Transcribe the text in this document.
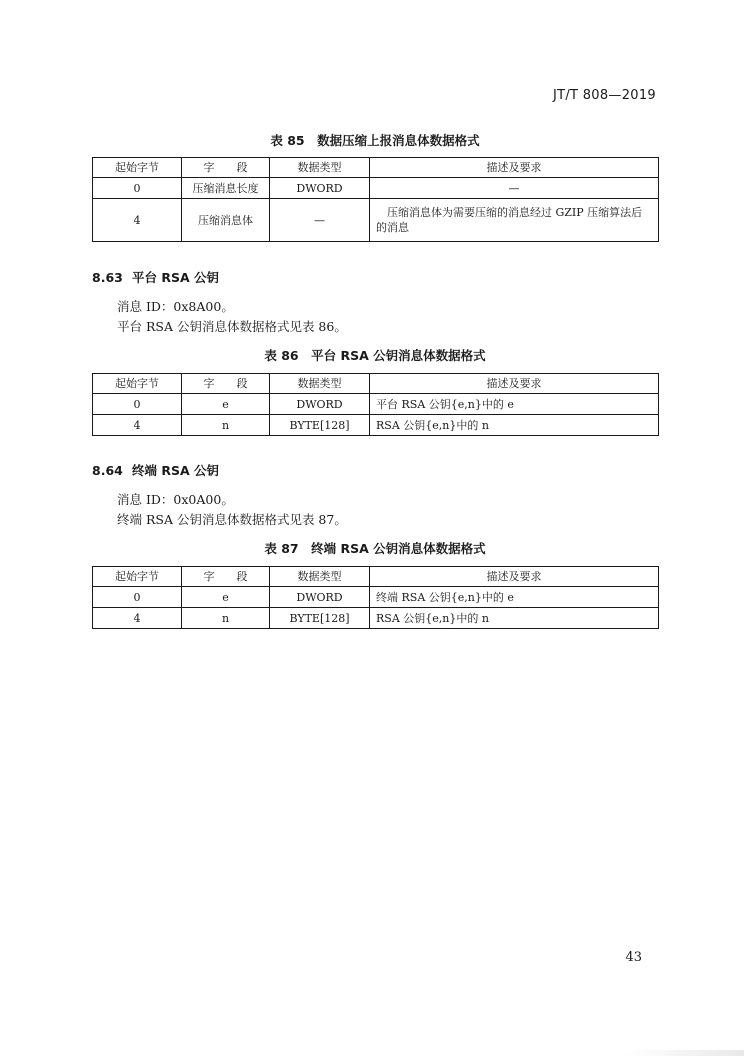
JT/T 808—2019
表 85　数据压缩上报消息体数据格式
起始字节	字　　段	数据类型	描述及要求
0	压缩消息长度	DWORD	—
4	压缩消息体	—	压缩消息体为需要压缩的消息经过 GZIP 压缩算法后的消息
8.63 平台 RSA 公钥
消息 ID：0x8A00。
平台 RSA 公钥消息体数据格式见表 86。
表 86　平台 RSA 公钥消息体数据格式
起始字节	字　　段	数据类型	描述及要求
0	e	DWORD	平台 RSA 公钥{e,n}中的 e
4	n	BYTE[128]	RSA 公钥{e,n}中的 n
8.64 终端 RSA 公钥
消息 ID：0x0A00。
终端 RSA 公钥消息体数据格式见表 87。
表 87　终端 RSA 公钥消息体数据格式
起始字节	字　　段	数据类型	描述及要求
0	e	DWORD	终端 RSA 公钥{e,n}中的 e
4	n	BYTE[128]	RSA 公钥{e,n}中的 n
43
